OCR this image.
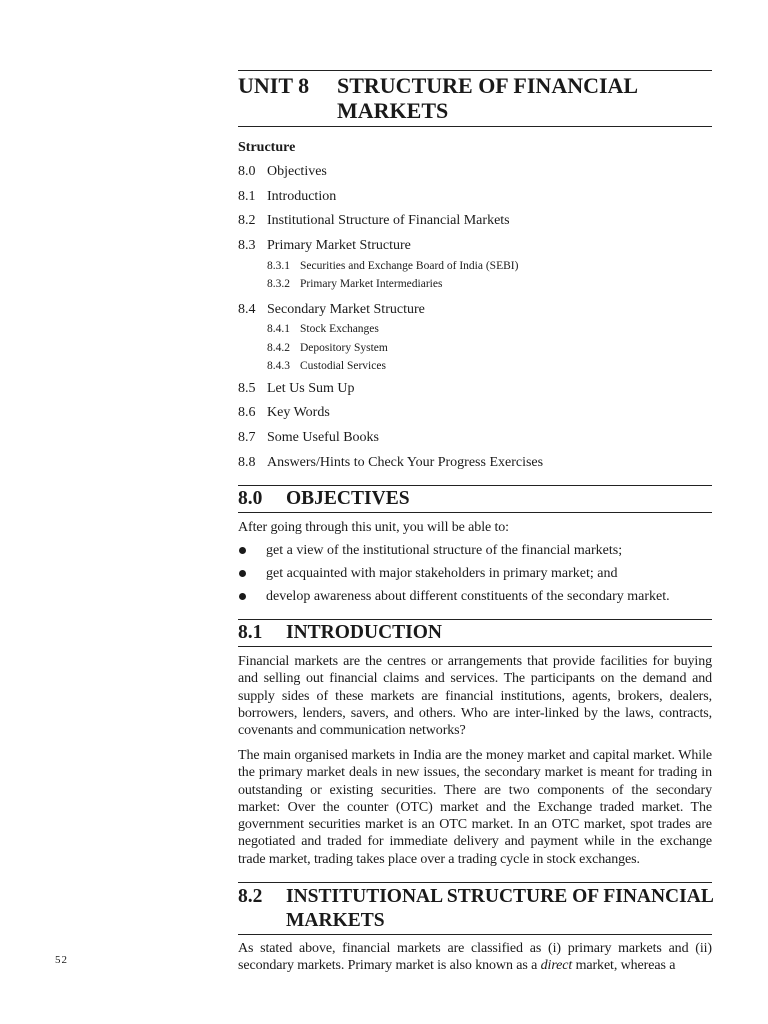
UNIT 8 STRUCTURE OF FINANCIAL MARKETS
Structure
8.0 Objectives
8.1 Introduction
8.2 Institutional Structure of Financial Markets
8.3 Primary Market Structure
8.3.1 Securities and Exchange Board of India (SEBI)
8.3.2 Primary Market Intermediaries
8.4 Secondary Market Structure
8.4.1 Stock Exchanges
8.4.2 Depository System
8.4.3 Custodial Services
8.5 Let Us Sum Up
8.6 Key Words
8.7 Some Useful Books
8.8 Answers/Hints to Check Your Progress Exercises
8.0 OBJECTIVES
After going through this unit, you will be able to:
get a view of the institutional structure of the financial markets;
get acquainted with major stakeholders in primary market; and
develop awareness about different constituents of the secondary market.
8.1 INTRODUCTION
Financial markets are the centres or arrangements that provide facilities for buying and selling out financial claims and services. The participants on the demand and supply sides of these markets are financial institutions, agents, brokers, dealers, borrowers, lenders, savers, and others. Who are inter-linked by the laws, contracts, covenants and communication networks?
The main organised markets in India are the money market and capital market. While the primary market deals in new issues, the secondary market is meant for trading in outstanding or existing securities. There are two components of the secondary market: Over the counter (OTC) market and the Exchange traded market. The government securities market is an OTC market. In an OTC market, spot trades are negotiated and traded for immediate delivery and payment while in the exchange trade market, trading takes place over a trading cycle in stock exchanges.
8.2 INSTITUTIONAL STRUCTURE OF FINANCIAL
MARKETS
As stated above, financial markets are classified as (i) primary markets and (ii) secondary markets. Primary market is also known as a direct market, whereas a
52
